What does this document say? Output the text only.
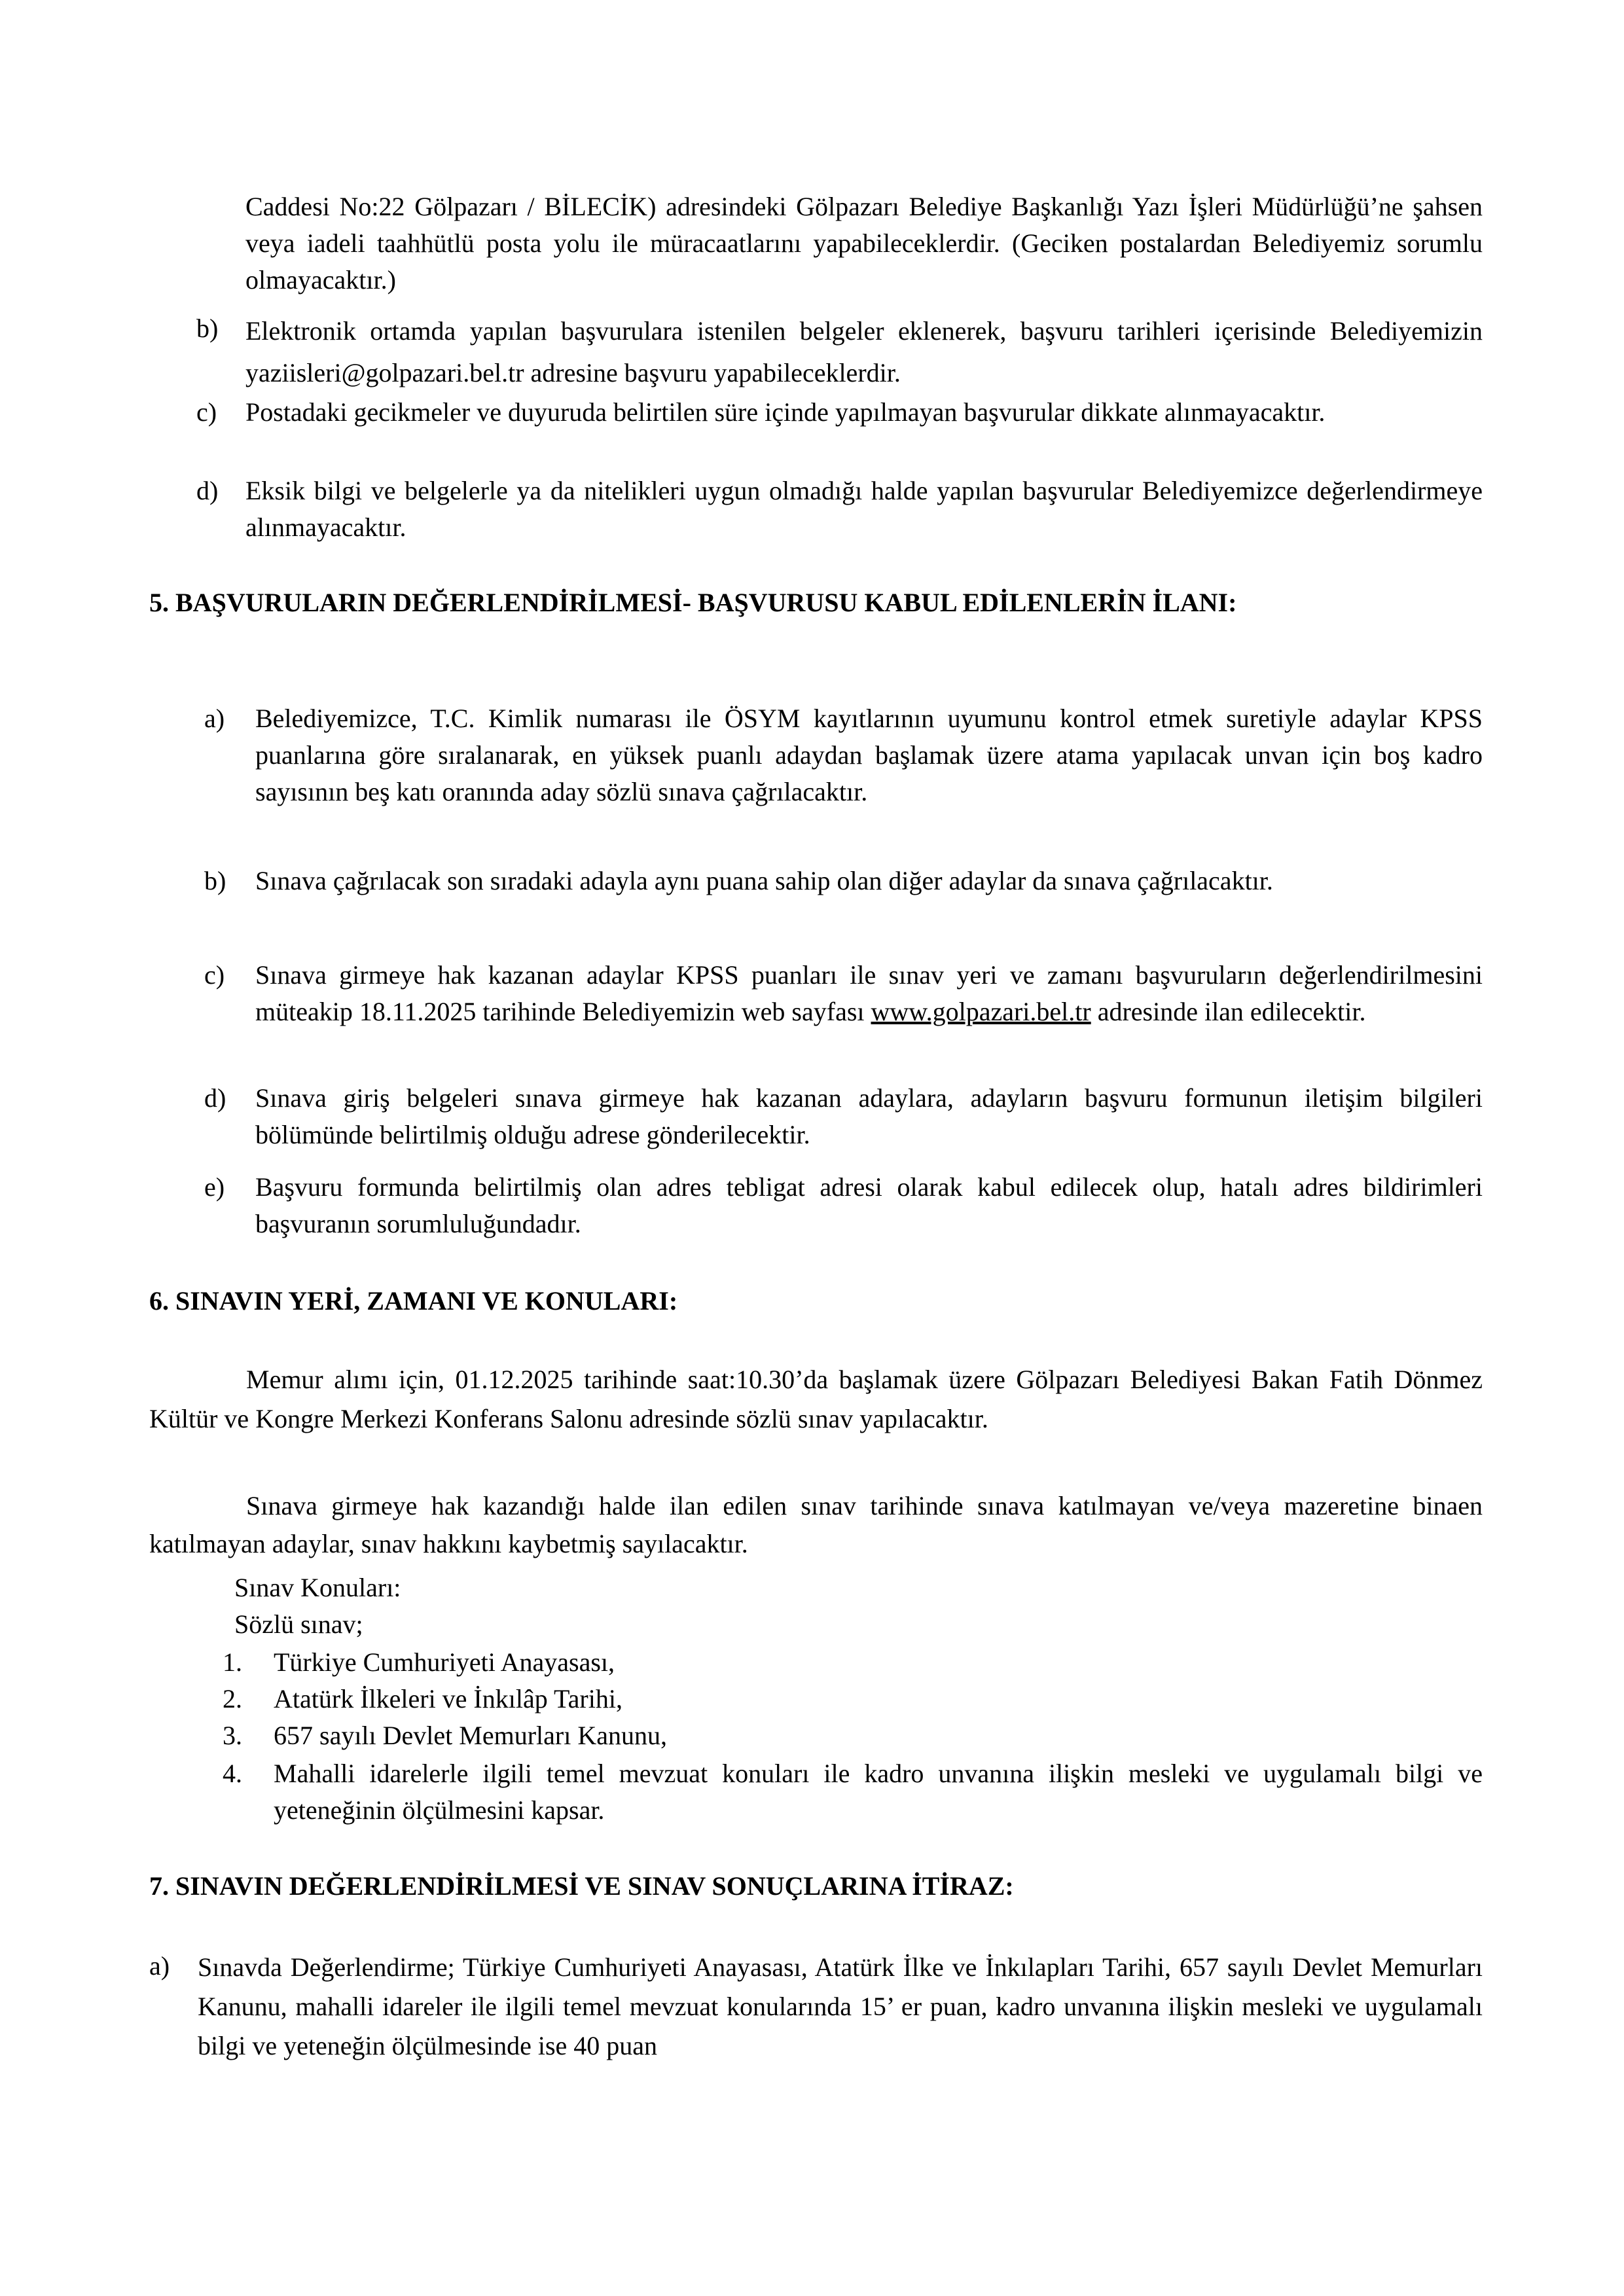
Caddesi No:22 Gölpazarı / BİLECİK) adresindeki Gölpazarı Belediye Başkanlığı Yazı İşleri Müdürlüğü’ne şahsen veya iadeli taahhütlü posta yolu ile müracaatlarını yapabileceklerdir. (Geciken postalardan Belediyemiz sorumlu olmayacaktır.)
b) Elektronik ortamda yapılan başvurulara istenilen belgeler eklenerek, başvuru tarihleri içerisinde Belediyemizin yaziisleri@golpazari.bel.tr adresine başvuru yapabileceklerdir.
c) Postadaki gecikmeler ve duyuruda belirtilen süre içinde yapılmayan başvurular dikkate alınmayacaktır.
d) Eksik bilgi ve belgelerle ya da nitelikleri uygun olmadığı halde yapılan başvurular Belediyemizce değerlendirmeye alınmayacaktır.
5. BAŞVURULARIN DEĞERLENDİRİLMESİ- BAŞVURUSU KABUL EDİLENLERİN İLANI:
a) Belediyemizce, T.C. Kimlik numarası ile ÖSYM kayıtlarının uyumunu kontrol etmek suretiyle adaylar KPSS puanlarına göre sıralanarak, en yüksek puanlı adaydan başlamak üzere atama yapılacak unvan için boş kadro sayısının beş katı oranında aday sözlü sınava çağrılacaktır.
b) Sınava çağrılacak son sıradaki adayla aynı puana sahip olan diğer adaylar da sınava çağrılacaktır.
c) Sınava girmeye hak kazanan adaylar KPSS puanları ile sınav yeri ve zamanı başvuruların değerlendirilmesini müteakip 18.11.2025 tarihinde Belediyemizin web sayfası www.golpazari.bel.tr adresinde ilan edilecektir.
d) Sınava giriş belgeleri sınava girmeye hak kazanan adaylara, adayların başvuru formunun iletişim bilgileri bölümünde belirtilmiş olduğu adrese gönderilecektir.
e) Başvuru formunda belirtilmiş olan adres tebligat adresi olarak kabul edilecek olup, hatalı adres bildirimleri başvuranın sorumluluğundadır.
6. SINAVIN YERİ, ZAMANI VE KONULARI:
Memur alımı için, 01.12.2025 tarihinde saat:10.30’da başlamak üzere Gölpazarı Belediyesi Bakan Fatih Dönmez Kültür ve Kongre Merkezi Konferans Salonu adresinde sözlü sınav yapılacaktır.
Sınava girmeye hak kazandığı halde ilan edilen sınav tarihinde sınava katılmayan ve/veya mazeretine binaen katılmayan adaylar, sınav hakkını kaybetmiş sayılacaktır.
Sınav Konuları:
Sözlü sınav;
1. Türkiye Cumhuriyeti Anayasası,
2. Atatürk İlkeleri ve İnkılâp Tarihi,
3. 657 sayılı Devlet Memurları Kanunu,
4. Mahalli idarelerle ilgili temel mevzuat konuları ile kadro unvanına ilişkin mesleki ve uygulamalı bilgi ve yeteneğinin ölçülmesini kapsar.
7. SINAVIN DEĞERLENDİRİLMESİ VE SINAV SONUÇLARINA İTİRAZ:
a) Sınavda Değerlendirme; Türkiye Cumhuriyeti Anayasası, Atatürk İlke ve İnkılapları Tarihi, 657 sayılı Devlet Memurları Kanunu, mahalli idareler ile ilgili temel mevzuat konularında 15’ er puan, kadro unvanına ilişkin mesleki ve uygulamalı bilgi ve yeteneğin ölçülmesinde ise 40 puan
